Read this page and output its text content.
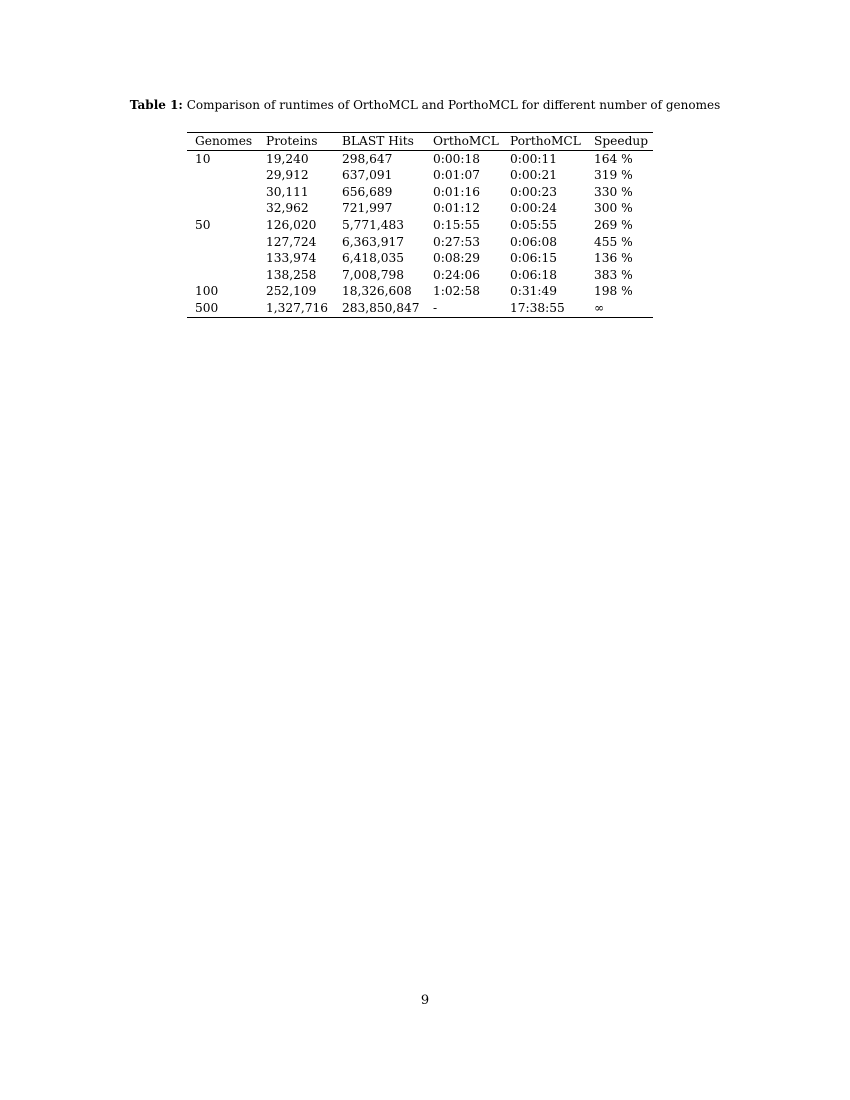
Table 1: Comparison of runtimes of OrthoMCL and PorthoMCL for different number of genomes
Genomes	Proteins	BLAST Hits	OrthoMCL	PorthoMCL	Speedup
10	19,240	298,647	0:00:18	0:00:11	164 %
	29,912	637,091	0:01:07	0:00:21	319 %
	30,111	656,689	0:01:16	0:00:23	330 %
	32,962	721,997	0:01:12	0:00:24	300 %
50	126,020	5,771,483	0:15:55	0:05:55	269 %
	127,724	6,363,917	0:27:53	0:06:08	455 %
	133,974	6,418,035	0:08:29	0:06:15	136 %
	138,258	7,008,798	0:24:06	0:06:18	383 %
100	252,109	18,326,608	1:02:58	0:31:49	198 %
500	1,327,716	283,850,847	-	17:38:55	∞
9
